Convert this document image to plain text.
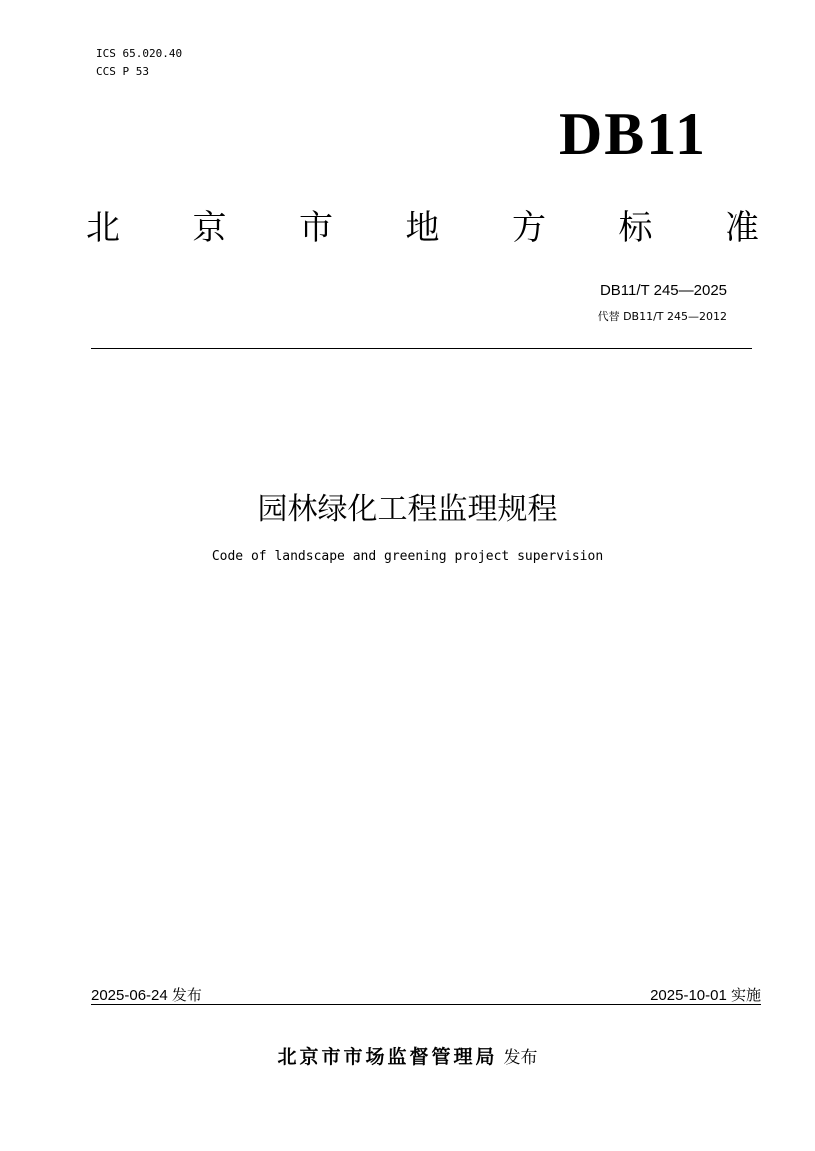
ICS 65.020.40
CCS P 53
DB11
北 京 市 地 方 标 准
DB11/T 245—2025
代替 DB11/T 245—2012
园林绿化工程监理规程
Code of landscape and greening project supervision
2025-06-24 发布	2025-10-01 实施
北京市市场监督管理局 发布
